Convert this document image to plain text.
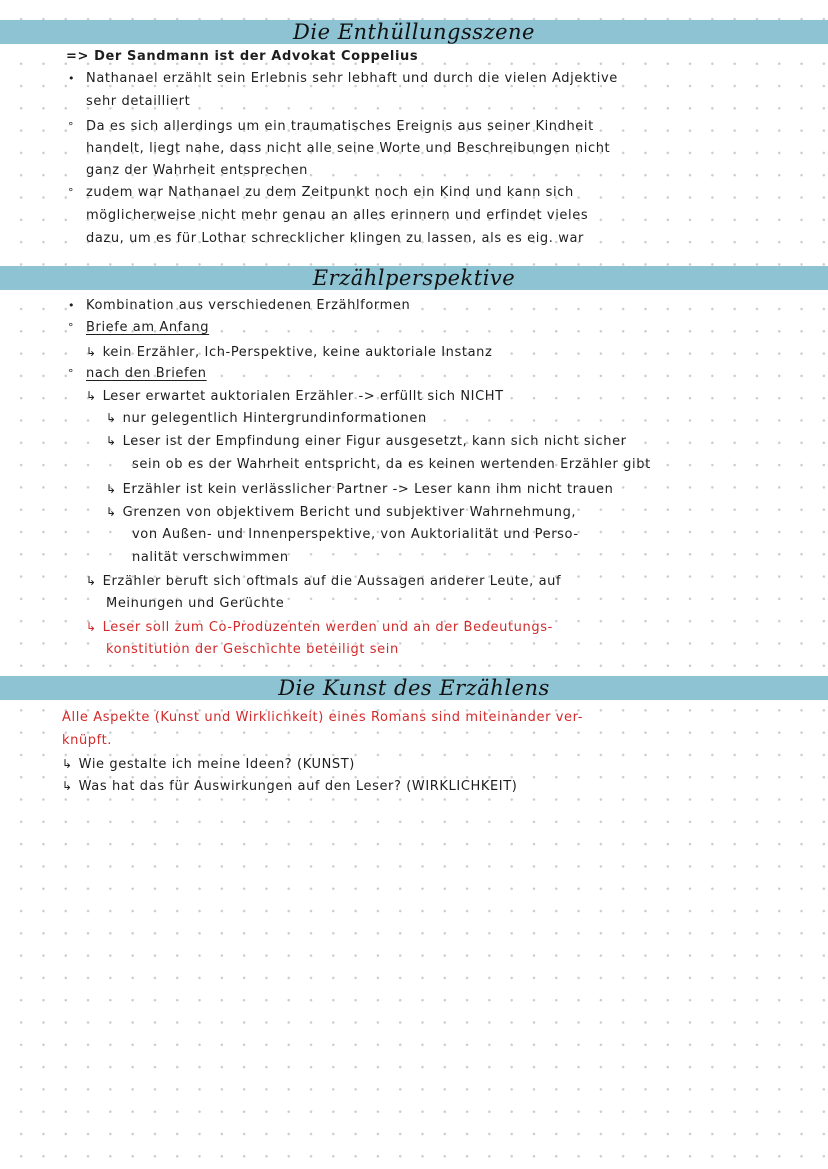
Die Enthüllungsszene
=> Der Sandmann ist der Advokat Coppelius
• Nathanael erzählt sein Erlebnis sehr lebhaft und durch die vielen Adjektive
sehr detailliert
° Da es sich allerdings um ein traumatisches Ereignis aus seiner Kindheit
handelt, liegt nahe, dass nicht alle seine Worte und Beschreibungen nicht
ganz der Wahrheit entsprechen
° zudem war Nathanael zu dem Zeitpunkt noch ein Kind und kann sich
möglicherweise nicht mehr genau an alles erinnern und erfindet vieles
dazu, um es für Lothar schrecklicher klingen zu lassen, als es eig. war
Erzählperspektive
• Kombination aus verschiedenen Erzählformen
° Briefe am Anfang
↳ kein Erzähler, Ich-Perspektive, keine auktoriale Instanz
° nach den Briefen
↳ Leser erwartet auktorialen Erzähler -> erfüllt sich NICHT
↳ nur gelegentlich Hintergrundinformationen
↳ Leser ist der Empfindung einer Figur ausgesetzt, kann sich nicht sicher
sein ob es der Wahrheit entspricht, da es keinen wertenden Erzähler gibt
↳ Erzähler ist kein verlässlicher Partner -> Leser kann ihm nicht trauen
↳ Grenzen von objektivem Bericht und subjektiver Wahrnehmung,
von Außen- und Innenperspektive, von Auktorialität und Perso-
nalität verschwimmen
↳ Erzähler beruft sich oftmals auf die Aussagen anderer Leute, auf
Meinungen und Gerüchte
↳ Leser soll zum Co-Produzenten werden und an der Bedeutungs-
konstitution der Geschichte beteiligt sein
Die Kunst des Erzählens
Alle Aspekte (Kunst und Wirklichkeit) eines Romans sind miteinander ver-
knüpft.
↳ Wie gestalte ich meine Ideen? (KUNST)
↳ Was hat das für Auswirkungen auf den Leser? (WIRKLICHKEIT)
